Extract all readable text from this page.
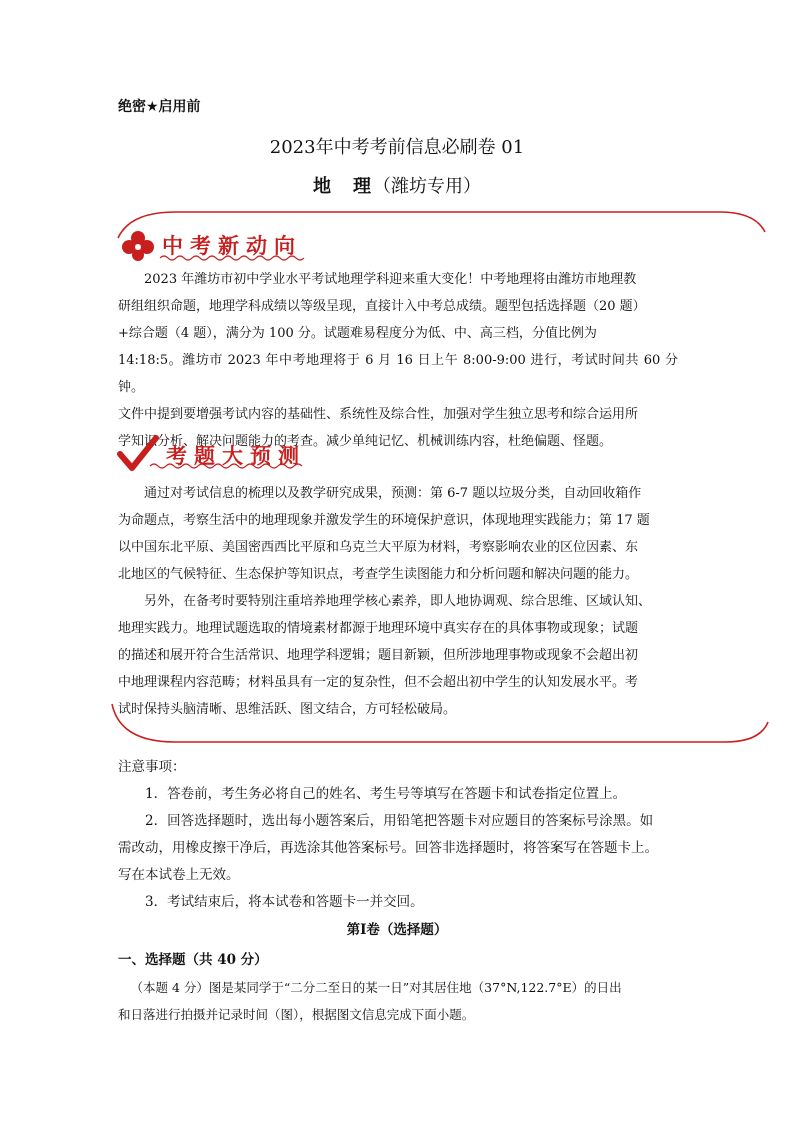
绝密★启用前
2023年中考考前信息必刷卷 01
地　理（潍坊专用）
中考新动向

2023 年潍坊市初中学业水平考试地理学科迎来重大变化！中考地理将由潍坊市地理教

研组组织命题，地理学科成绩以等级呈现，直接计入中考总成绩。题型包括选择题（20 题）
+综合题（4 题），满分为 100 分。试题难易程度分为低、中、高三档，分值比例为
14:18:5。潍坊市 2023 年中考地理将于 6 月 16 日上午 8:00-9:00 进行，考试时间共 60 分钟。
文件中提到要增强考试内容的基础性、系统性及综合性，加强对学生独立思考和综合运用所
学知识分析、解决问题能力的考查。减少单纯记忆、机械训练内容，杜绝偏题、怪题。
考题大预测

通过对考试信息的梳理以及教学研究成果，预测：第 6-7 题以垃圾分类，自动回收箱作

为命题点，考察生活中的地理现象并激发学生的环境保护意识，体现地理实践能力；第 17 题
以中国东北平原、美国密西西比平原和乌克兰大平原为材料，考察影响农业的区位因素、东
北地区的气候特征、生态保护等知识点，考查学生读图能力和分析问题和解决问题的能力。

另外，在备考时要特别注重培养地理学核心素养，即人地协调观、综合思维、区域认知、

地理实践力。地理试题选取的情境素材都源于地理环境中真实存在的具体事物或现象；试题
的描述和展开符合生活常识、地理学科逻辑；题目新颖，但所涉地理事物或现象不会超出初
中地理课程内容范畴；材料虽具有一定的复杂性，但不会超出初中学生的认知发展水平。考
试时保持头脑清晰、思维活跃、图文结合，方可轻松破局。

注意事项：

1．答卷前，考生务必将自己的姓名、考生号等填写在答题卡和试卷指定位置上。

2．回答选择题时，选出每小题答案后，用铅笔把答题卡对应题目的答案标号涂黑。如

需改动，用橡皮擦干净后，再选涂其他答案标号。回答非选择题时，将答案写在答题卡上。

写在本试卷上无效。

3．考试结束后，将本试卷和答题卡一并交回。

第Ⅰ卷（选择题）
一、选择题（共 40 分）

（本题 4 分）图是某同学于“二分二至日的某一日”对其居住地（37°N,122.7°E）的日出

和日落进行拍摄并记录时间（图），根据图文信息完成下面小题。
